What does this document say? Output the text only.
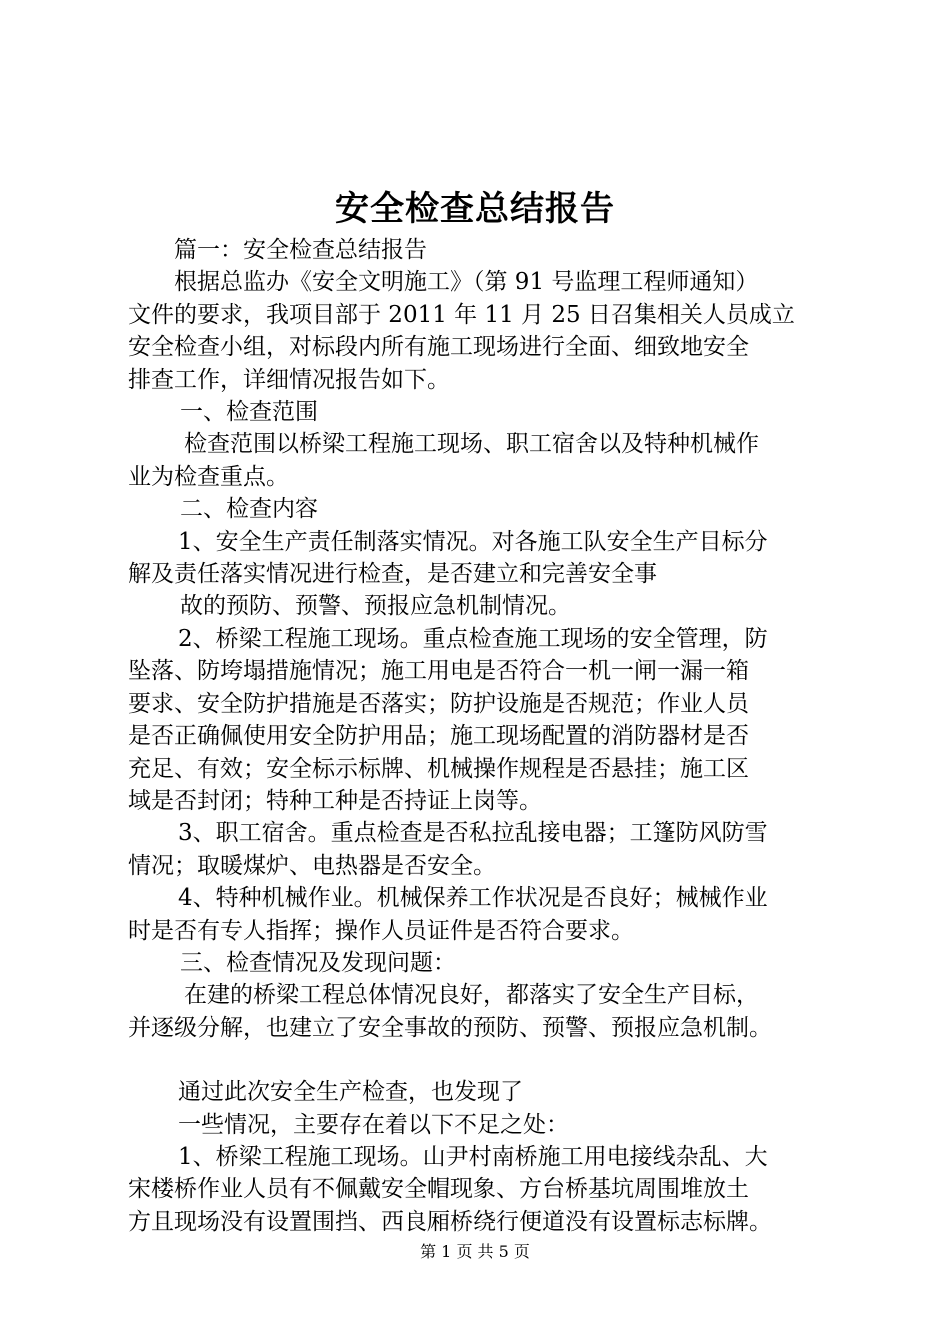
安全检查总结报告

篇一：安全检查总结报告

根据总监办《安全文明施工》（第 91 号监理工程师通知）

文件的要求，我项目部于 2011 年 11 月 25 日召集相关人员成立

安全检查小组，对标段内所有施工现场进行全面、细致地安全

排查工作，详细情况报告如下。

一、检查范围

检查范围以桥梁工程施工现场、职工宿舍以及特种机械作

业为检查重点。

二、检查内容

1、安全生产责任制落实情况。对各施工队安全生产目标分

解及责任落实情况进行检查，是否建立和完善安全事

故的预防、预警、预报应急机制情况。

2、桥梁工程施工现场。重点检查施工现场的安全管理，防

坠落、防垮塌措施情况；施工用电是否符合一机一闸一漏一箱

要求、安全防护措施是否落实；防护设施是否规范；作业人员

是否正确佩使用安全防护用品；施工现场配置的消防器材是否

充足、有效；安全标示标牌、机械操作规程是否悬挂；施工区

域是否封闭；特种工种是否持证上岗等。

3、职工宿舍。重点检查是否私拉乱接电器；工篷防风防雪

情况；取暖煤炉、电热器是否安全。

4、特种机械作业。机械保养工作状况是否良好；械械作业

时是否有专人指挥；操作人员证件是否符合要求。

三、检查情况及发现问题：

在建的桥梁工程总体情况良好，都落实了安全生产目标，

并逐级分解，也建立了安全事故的预防、预警、预报应急机制。

通过此次安全生产检查，也发现了

一些情况，主要存在着以下不足之处：

1、桥梁工程施工现场。山尹村南桥施工用电接线杂乱、大

宋楼桥作业人员有不佩戴安全帽现象、方台桥基坑周围堆放土

方且现场没有设置围挡、西良厢桥绕行便道没有设置标志标牌。

第 1 页 共 5 页
